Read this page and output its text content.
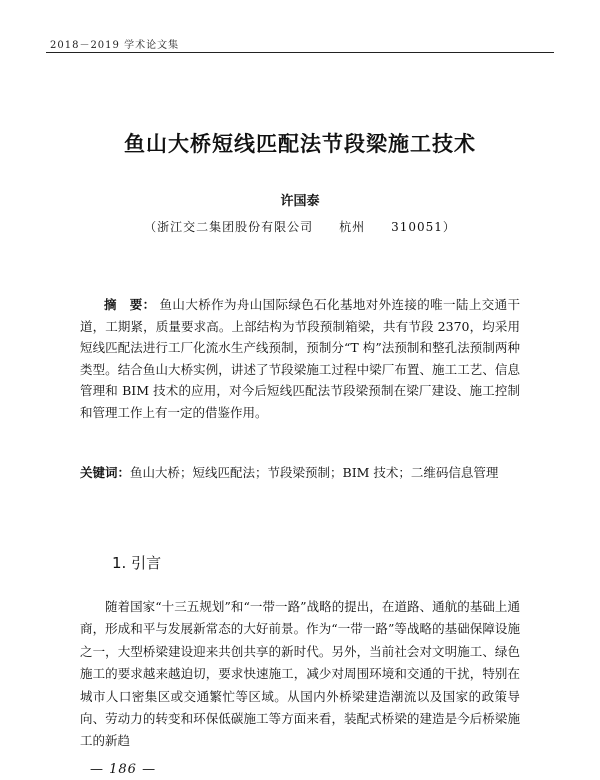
2018－2019 学术论文集
鱼山大桥短线匹配法节段梁施工技术
许国泰
（浙江交二集团股份有限公司　　杭州　　310051）
摘　要： 鱼山大桥作为舟山国际绿色石化基地对外连接的唯一陆上交通干道，工期紧，质量要求高。上部结构为节段预制箱梁，共有节段 2370，均采用短线匹配法进行工厂化流水生产线预制，预制分“T 构”法预制和整孔法预制两种类型。结合鱼山大桥实例，讲述了节段梁施工过程中梁厂布置、施工工艺、信息管理和 BIM 技术的应用，对今后短线匹配法节段梁预制在梁厂建设、施工控制和管理工作上有一定的借鉴作用。
关键词：鱼山大桥；短线匹配法；节段梁预制；BIM 技术；二维码信息管理
1. 引言
随着国家“十三五规划”和“一带一路”战略的提出，在道路、通航的基础上通商，形成和平与发展新常态的大好前景。作为“一带一路”等战略的基础保障设施之一，大型桥梁建设迎来共创共享的新时代。另外，当前社会对文明施工、绿色施工的要求越来越迫切，要求快速施工，减少对周围环境和交通的干扰，特别在城市人口密集区或交通繁忙等区域。从国内外桥梁建造潮流以及国家的政策导向、劳动力的转变和环保低碳施工等方面来看，装配式桥梁的建造是今后桥梁施工的新趋
— 186 —
